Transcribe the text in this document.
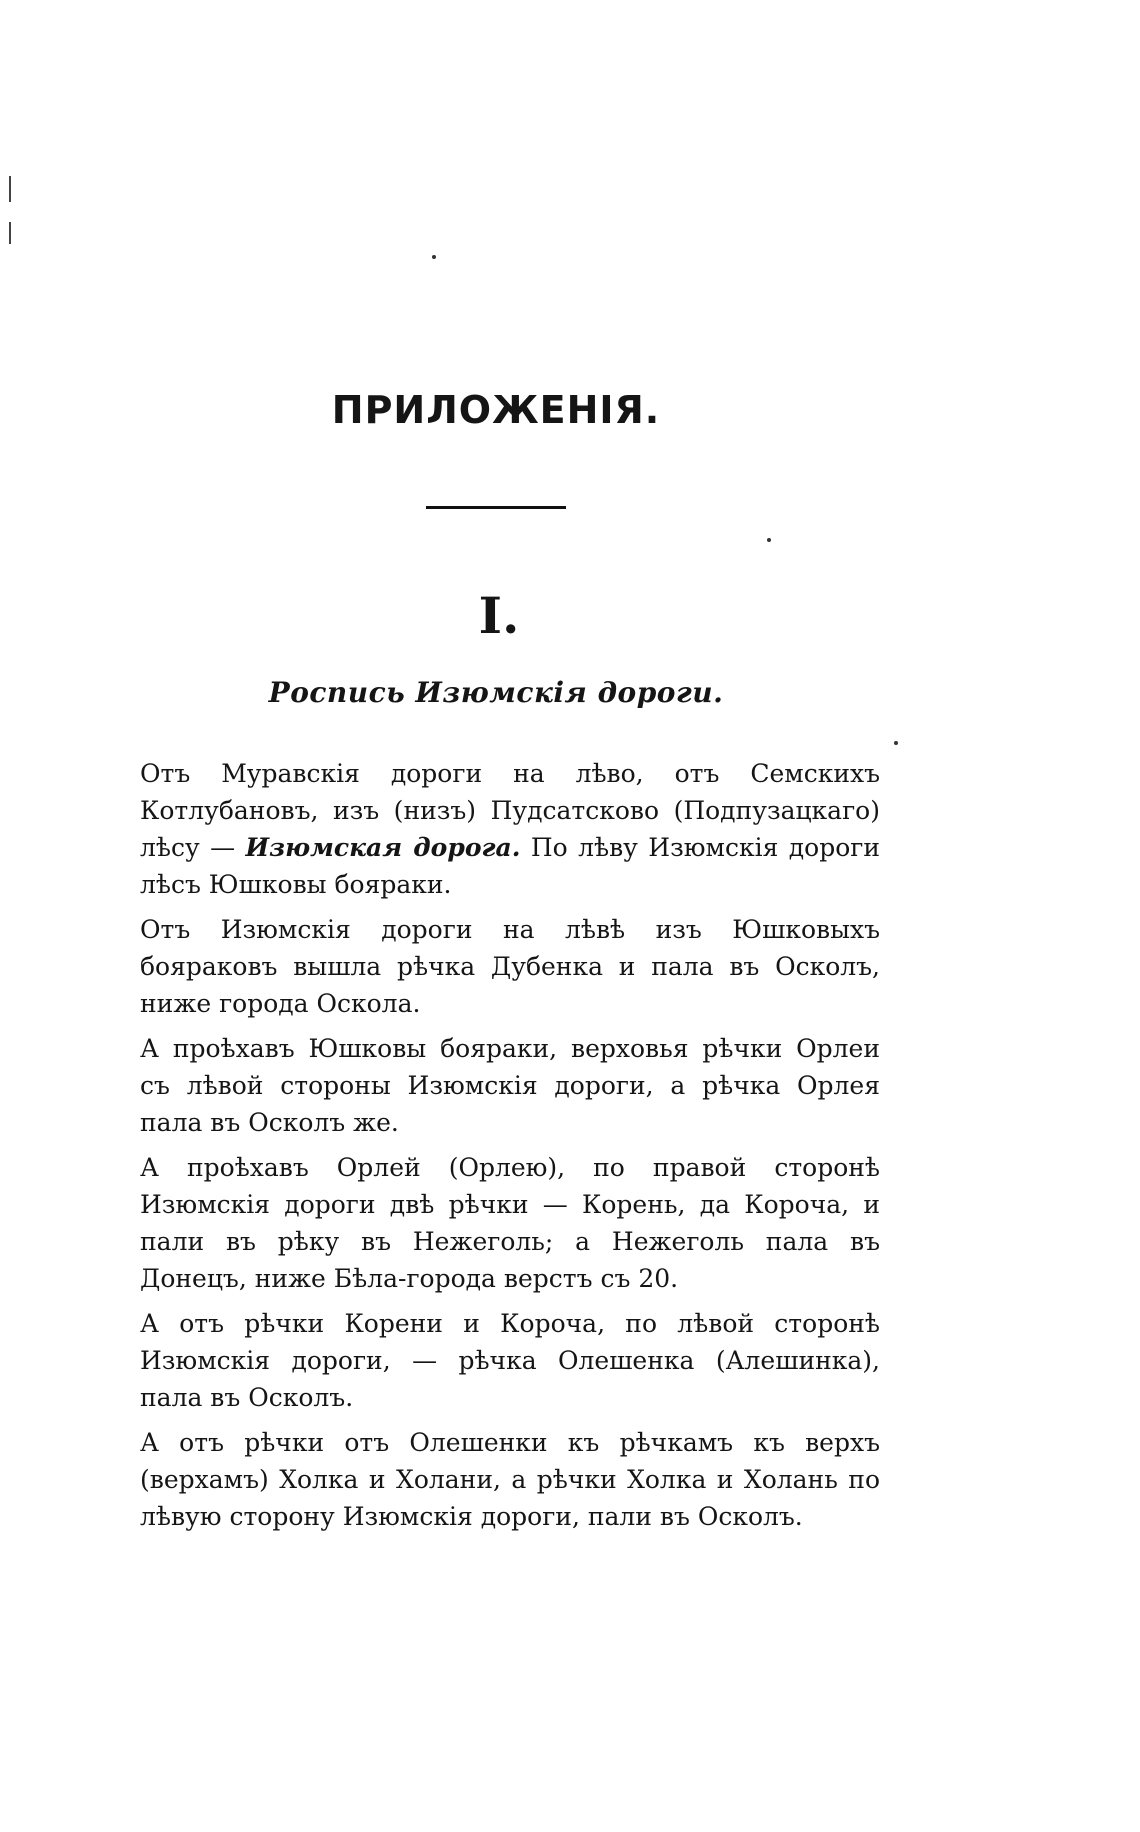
ПРИЛОЖЕНІЯ.
I.
Роспись Изюмскія дороги.

Отъ Муравскія дороги на лѣво, отъ Семскихъ Котлубановъ, изъ (низъ) Пудсатсково (Подпузацкаго) лѣсу — Изюмская дорога. По лѣву Изюмскія дороги лѣсъ Юшковы бояраки.

Отъ Изюмскія дороги на лѣвѣ изъ Юшковыхъ бояраковъ вышла рѣчка Дубенка и пала въ Осколъ, ниже города Оскола.

А проѣхавъ Юшковы бояраки, верховья рѣчки Орлеи съ лѣвой стороны Изюмскія дороги, а рѣчка Орлея пала въ Осколъ же.

А проѣхавъ Орлей (Орлею), по правой сторонѣ Изюмскія дороги двѣ рѣчки — Корень, да Короча, и пали въ рѣку въ Нежеголь; а Нежеголь пала въ Донецъ, ниже Бѣла-города верстъ съ 20.

А отъ рѣчки Корени и Короча, по лѣвой сторонѣ Изюмскія дороги, — рѣчка Олешенка (Алешинка), пала въ Осколъ.

А отъ рѣчки отъ Олешенки къ рѣчкамъ къ верхъ (верхамъ) Холка и Холани, а рѣчки Холка и Холань по лѣвую сторону Изюмскія дороги, пали въ Осколъ.
